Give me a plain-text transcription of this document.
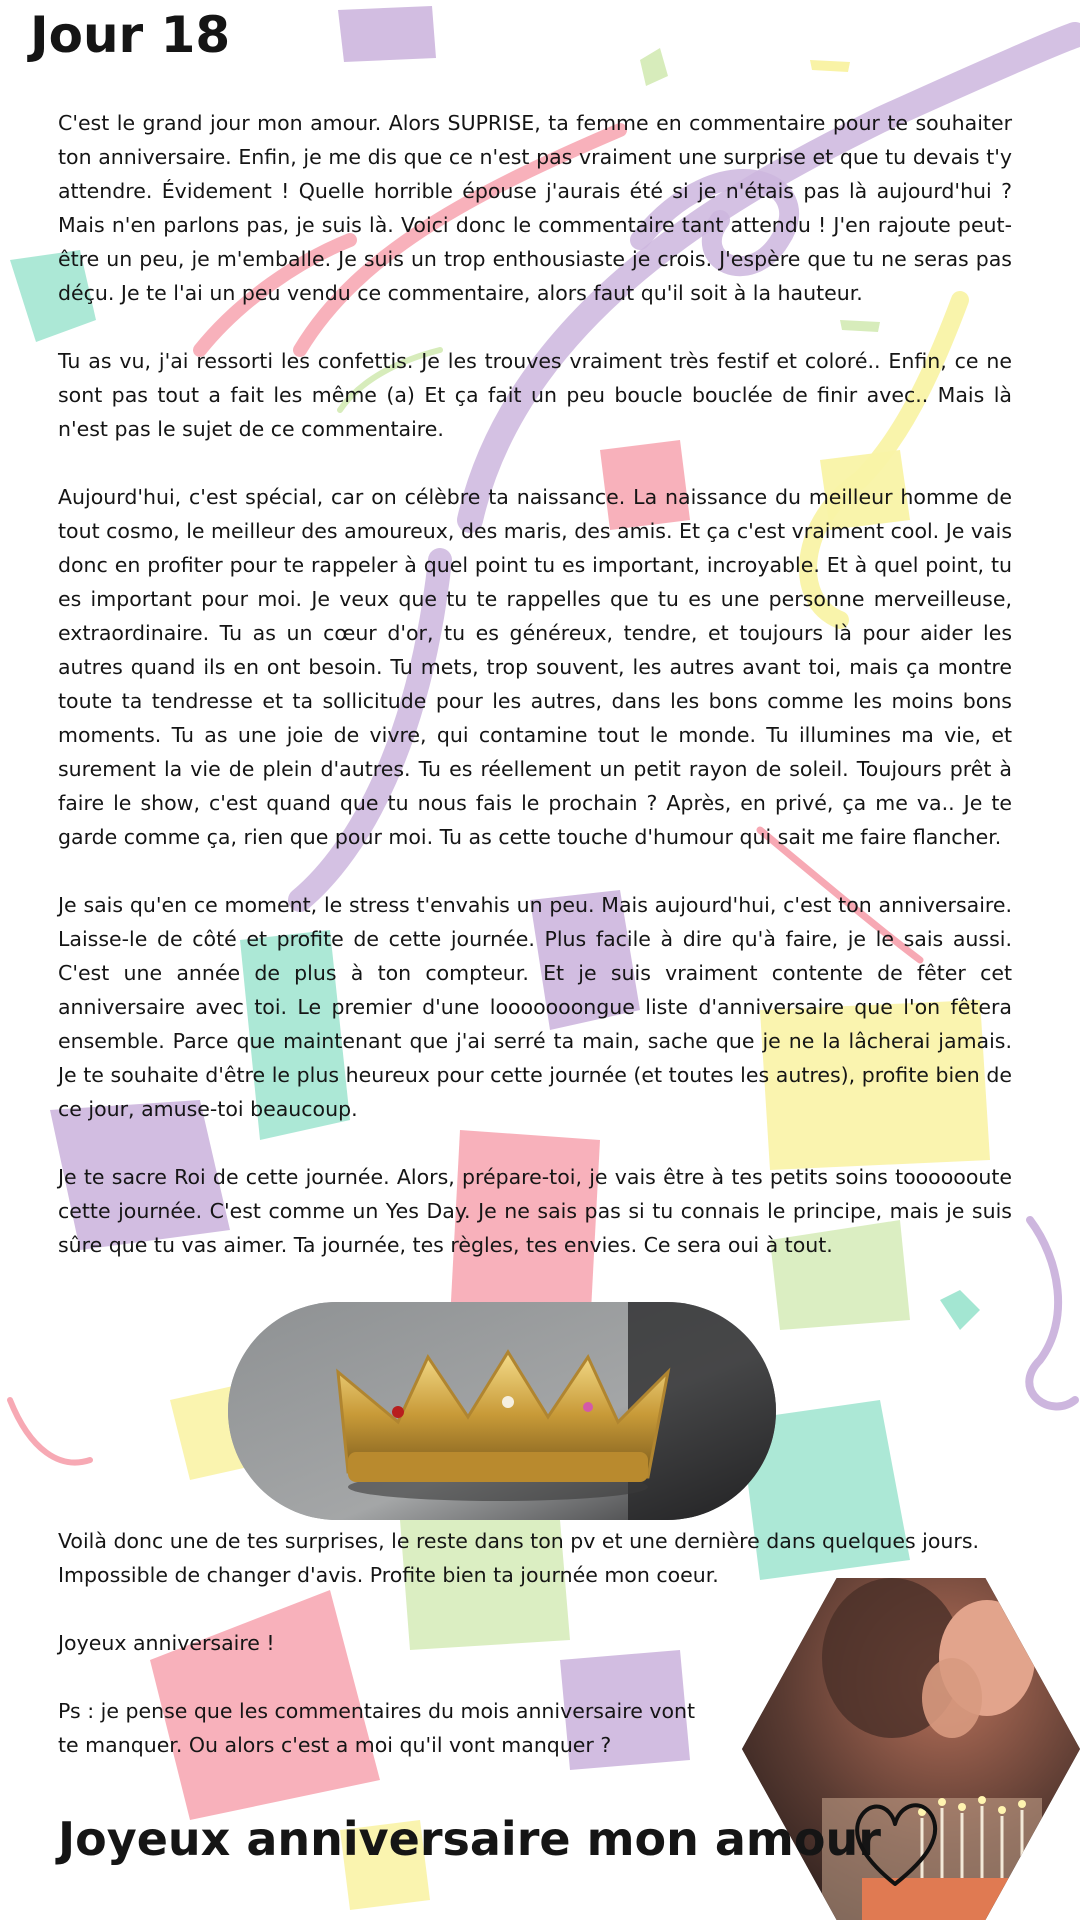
Jour 18

C'est le grand jour mon amour. Alors SUPRISE, ta femme en commentaire pour te souhaiter ton anniversaire. Enfin, je me dis que ce n'est pas vraiment une surprise et que tu devais t'y attendre. Évidement ! Quelle horrible épouse j'aurais été si je n'étais pas là aujourd'hui ? Mais n'en parlons pas, je suis là. Voici donc le commentaire tant attendu ! J'en rajoute peut-être un peu, je m'emballe. Je suis un trop enthousiaste je crois. J'espère que tu ne seras pas déçu. Je te l'ai un peu vendu ce commentaire, alors faut qu'il soit à la hauteur.

Tu as vu, j'ai ressorti les confettis. Je les trouves vraiment très festif et coloré.. Enfin, ce ne sont pas tout a fait les même (a) Et ça fait un peu boucle bouclée de finir avec.. Mais là n'est pas le sujet de ce commentaire.

Aujourd'hui, c'est spécial, car on célèbre ta naissance. La naissance du meilleur homme de tout cosmo, le meilleur des amoureux, des maris, des amis. Et ça c'est vraiment cool. Je vais donc en profiter pour te rappeler à quel point tu es important, incroyable. Et à quel point, tu es important pour moi. Je veux que tu te rappelles que tu es une personne merveilleuse, extraordinaire. Tu as un cœur d'or, tu es généreux, tendre, et toujours là pour aider les autres quand ils en ont besoin. Tu mets, trop souvent, les autres avant toi, mais ça montre toute ta tendresse et ta sollicitude pour les autres, dans les bons comme les moins bons moments. Tu as une joie de vivre, qui contamine tout le monde. Tu illumines ma vie, et surement la vie de plein d'autres. Tu es réellement un petit rayon de soleil. Toujours prêt à faire le show, c'est quand que tu nous fais le prochain ? Après, en privé, ça me va.. Je te garde comme ça, rien que pour moi. Tu as cette touche d'humour qui sait me faire flancher.

Je sais qu'en ce moment, le stress t'envahis un peu. Mais aujourd'hui, c'est ton anniversaire. Laisse-le de côté et profite de cette journée. Plus facile à dire qu'à faire, je le sais aussi. C'est une année de plus à ton compteur. Et je suis vraiment contente de fêter cet anniversaire avec toi. Le premier d'une looooooongue liste d'anniversaire que l'on fêtera ensemble. Parce que maintenant que j'ai serré ta main, sache que je ne la lâcherai jamais. Je te souhaite d'être le plus heureux pour cette journée (et toutes les autres), profite bien de ce jour, amuse-toi beaucoup.

Je te sacre Roi de cette journée. Alors, prépare-toi, je vais être à tes petits soins tooooooute cette journée. C'est comme un Yes Day. Je ne sais pas si tu connais le principe, mais je suis sûre que tu vas aimer. Ta journée, tes règles, tes envies. Ce sera oui à tout.

Voilà donc une de tes surprises, le reste dans ton pv et une dernière dans quelques jours.
Impossible de changer d'avis. Profite bien ta journée mon coeur.
Joyeux anniversaire !
Ps : je pense que les commentaires du mois anniversaire vont
te manquer. Ou alors c'est a moi qu'il vont manquer ?
Joyeux anniversaire mon amour
